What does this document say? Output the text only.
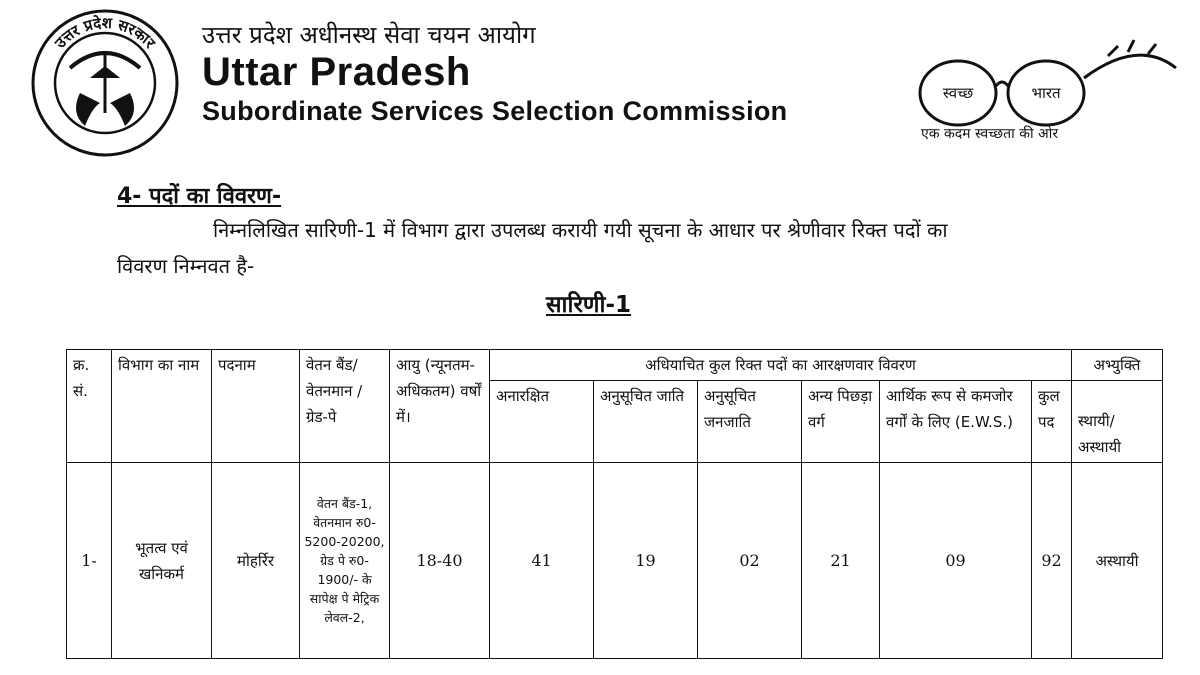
उत्तर प्रदेश सरकार उत्तर प्रदेश अधीनस्थ सेवा चयन आयोग
Uttar Pradesh
Subordinate Services Selection Commission
स्वच्छ	भारत
एक कदम स्वच्छता की ओर
4- पदों का विवरण-
निम्नलिखित सारिणी-1 में विभाग द्वारा उपलब्ध करायी गयी सूचना के आधार पर श्रेणीवार रिक्त पदों का
विवरण निम्नवत है-
सारिणी-1
क्र. सं.	विभाग का नाम	पदनाम	वेतन बैंड/ वेतनमान /ग्रेड-पे	आयु (न्यूनतम-अधिकतम) वर्षों में।	अधियाचित कुल रिक्त पदों का आरक्षणवार विवरण						अभ्युक्ति
					अनारक्षित	अनुसूचित जाति	अनुसूचित जनजाति	अन्य पिछड़ा वर्ग	आर्थिक रूप से कमजोर वर्गों के लिए (E.W.S.)	कुल पद	स्थायी/ अस्थायी
1-	भूतत्व एवं खनिकर्म	मोहर्रिर	वेतन बैंड-1, वेतनमान रु0-5200-20200, ग्रेड पे रु0-1900/- के सापेक्ष पे मेट्रिक लेवल-2,	18-40	41	19	02	21	09	92	अस्थायी
